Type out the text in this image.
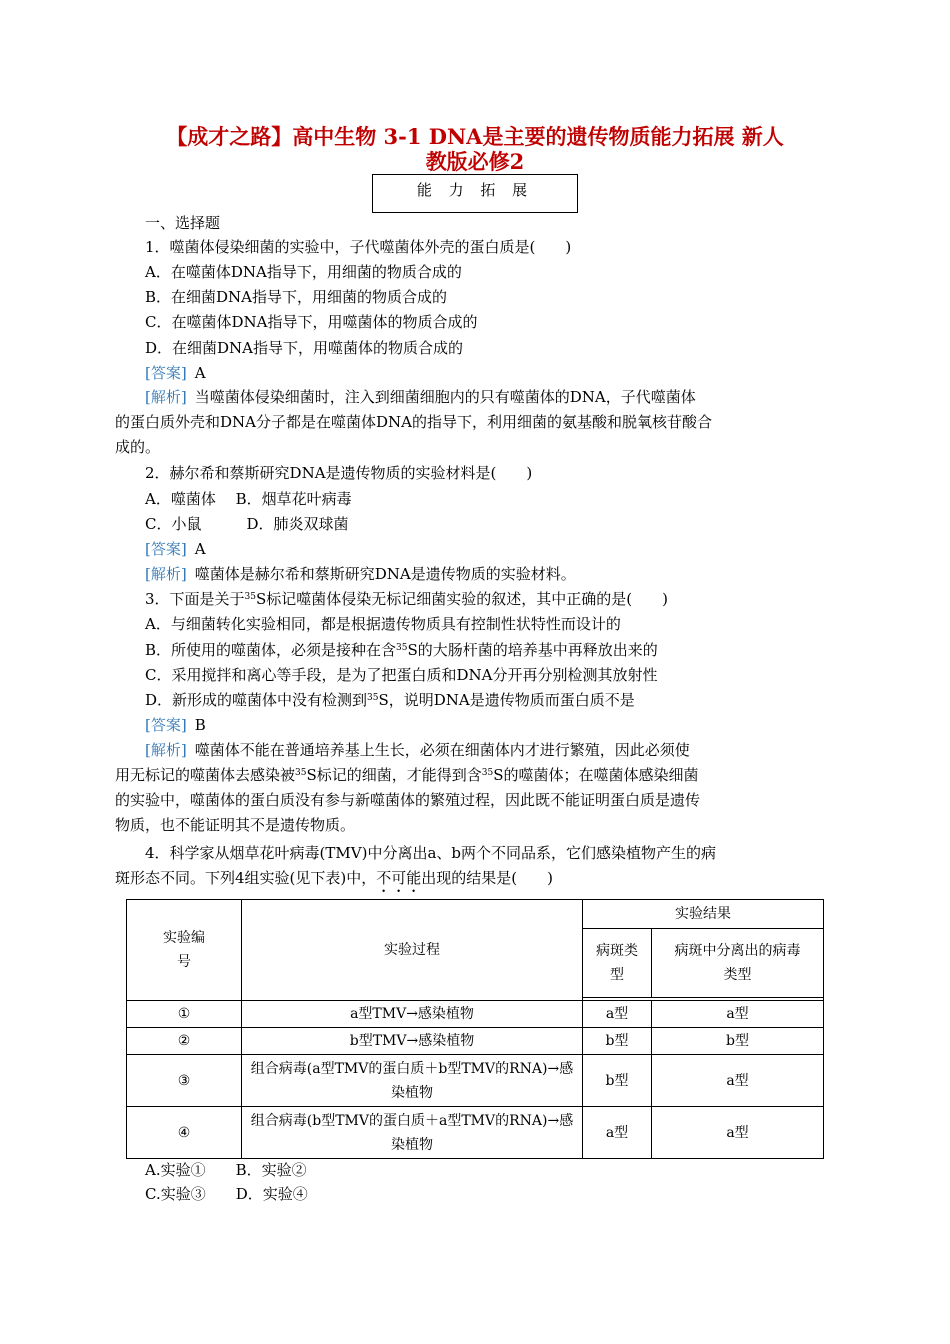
【成才之路】高中生物 3-1 DNA是主要的遗传物质能力拓展 新人
教版必修2
能 力 拓 展
一、选择题
1．噬菌体侵染细菌的实验中，子代噬菌体外壳的蛋白质是(　　)
A．在噬菌体DNA指导下，用细菌的物质合成的
B．在细菌DNA指导下，用细菌的物质合成的
C．在噬菌体DNA指导下，用噬菌体的物质合成的
D．在细菌DNA指导下，用噬菌体的物质合成的
[答案] A
[解析] 当噬菌体侵染细菌时，注入到细菌细胞内的只有噬菌体的DNA，子代噬菌体
的蛋白质外壳和DNA分子都是在噬菌体DNA的指导下，利用细菌的氨基酸和脱氧核苷酸合
成的。
2．赫尔希和蔡斯研究DNA是遗传物质的实验材料是(　　)
A．噬菌体　 B．烟草花叶病毒
C．小鼠　　　D．肺炎双球菌
[答案] A
[解析] 噬菌体是赫尔希和蔡斯研究DNA是遗传物质的实验材料。
3．下面是关于$^{35}$S标记噬菌体侵染无标记细菌实验的叙述，其中正确的是(　　)
A．与细菌转化实验相同，都是根据遗传物质具有控制性状特性而设计的
B．所使用的噬菌体，必须是接种在含$^{35}$S的大肠杆菌的培养基中再释放出来的
C．采用搅拌和离心等手段，是为了把蛋白质和DNA分开再分别检测其放射性
D．新形成的噬菌体中没有检测到$^{35}$S，说明DNA是遗传物质而蛋白质不是
[答案] B
[解析] 噬菌体不能在普通培养基上生长，必须在细菌体内才进行繁殖，因此必须使
用无标记的噬菌体去感染被$^{35}$S标记的细菌，才能得到含$^{35}$S的噬菌体；在噬菌体感染细菌
的实验中，噬菌体的蛋白质没有参与新噬菌体的繁殖过程，因此既不能证明蛋白质是遗传
物质，也不能证明其不是遗传物质。
4．科学家从烟草花叶病毒(TMV)中分离出a、b两个不同品系，它们感染植物产生的病
斑形态不同。下列4组实验(见下表)中，不可能出现的结果是(　　)
实验编号	实验过程	实验结果	
		病斑类型	病斑中分离出的病毒类型

①	a型TMV→感染植物	a型	a型
②	b型TMV→感染植物	b型	b型
③	组合病毒(a型TMV的蛋白质＋b型TMV的RNA)→感染植物	b型	a型
④	组合病毒(b型TMV的蛋白质＋a型TMV的RNA)→感染植物	a型	a型
A.实验①　　B．实验②
C.实验③　　D．实验④
